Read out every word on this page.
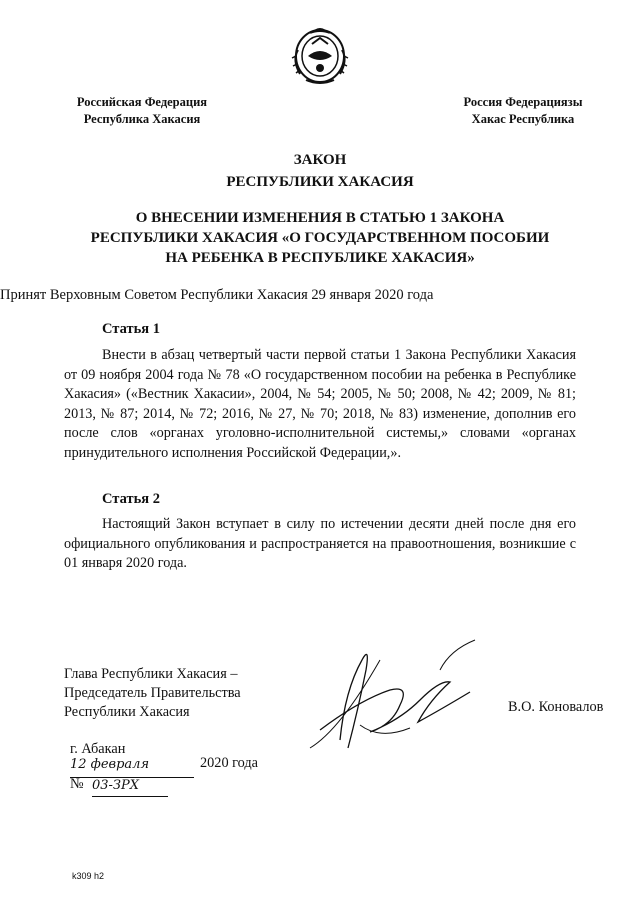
Российская Федерация
Республика Хакасия
Россия Федерациязы
Хакас Республика
ЗАКОН
РЕСПУБЛИКИ ХАКАСИЯ
О ВНЕСЕНИИ ИЗМЕНЕНИЯ В СТАТЬЮ 1 ЗАКОНА
РЕСПУБЛИКИ ХАКАСИЯ «О ГОСУДАРСТВЕННОМ ПОСОБИИ
НА РЕБЕНКА В РЕСПУБЛИКЕ ХАКАСИЯ»
Принят Верховным Советом Республики Хакасия 29 января 2020 года
Статья 1

Внести в абзац четвертый части первой статьи 1 Закона Республики Хакасия от 09 ноября 2004 года № 78 «О государственном пособии на ребенка в Республике Хакасия» («Вестник Хакасии», 2004, № 54; 2005, № 50; 2008, № 42; 2009, № 81; 2013, № 87; 2014, № 72; 2016, № 27, № 70; 2018, № 83) изменение, дополнив его после слов «органах уголовно-исполнительной системы,» словами «органах принудительного исполнения Российской Федерации,».

Статья 2

Настоящий Закон вступает в силу по истечении десяти дней после дня его официального опубликования и распространяется на правоотношения, возникшие с 01 января 2020 года.

Глава Республики Хакасия –
Председатель Правительства
Республики Хакасия	В.О. Коновалов
г. Абакан
12 февраля	2020 года
№ 03-ЗРХ
k309 h2
